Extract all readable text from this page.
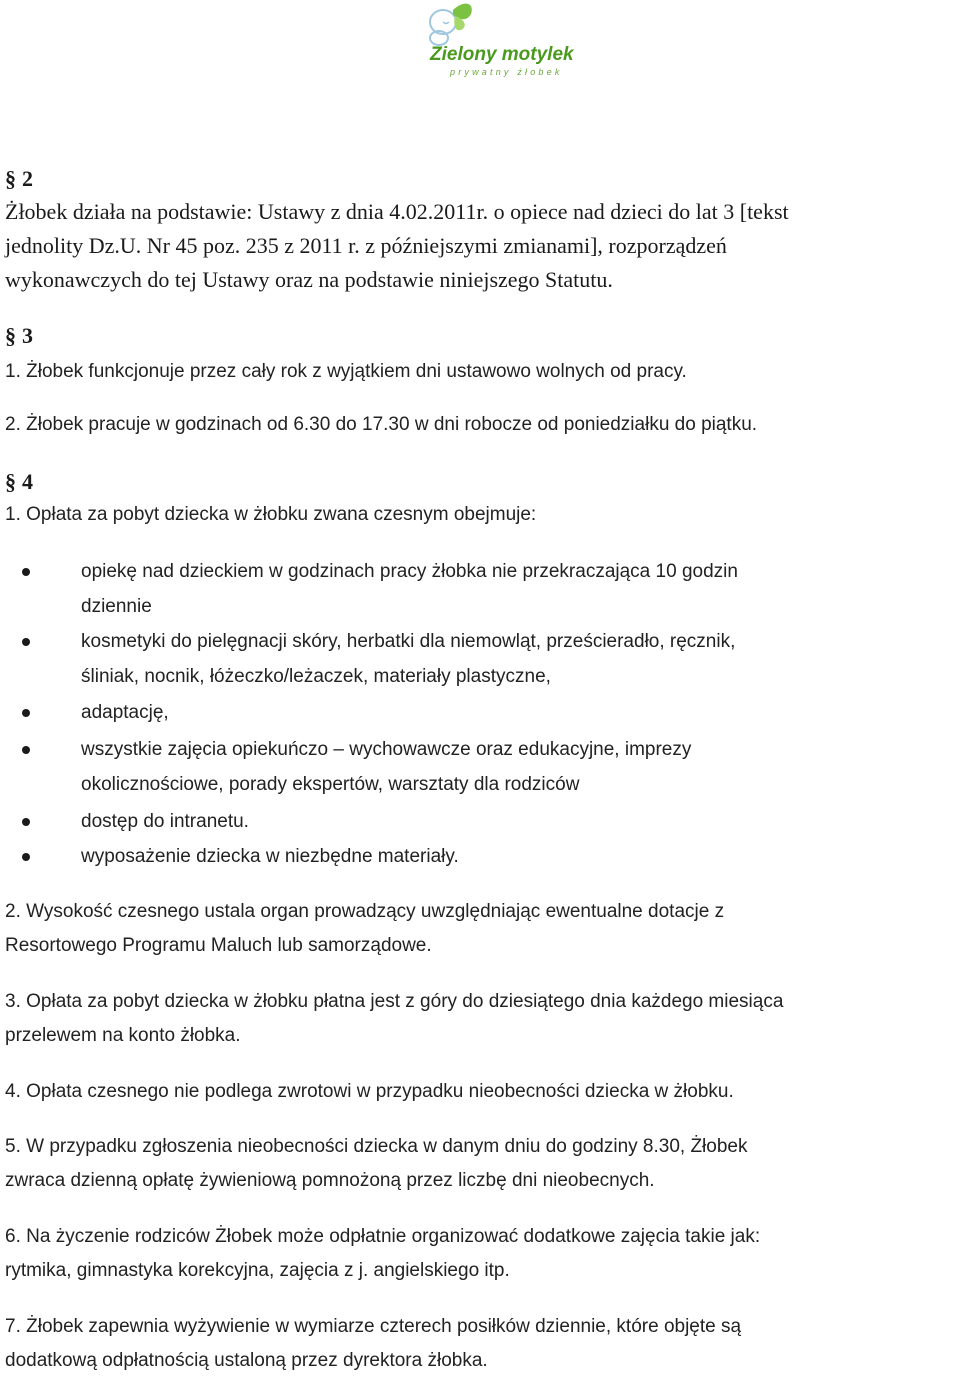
Zielony motylek
prywatny żłobek
§ 2
Żłobek działa na podstawie: Ustawy z dnia 4.02.2011r. o opiece nad dzieci do lat 3 [tekst
jednolity Dz.U. Nr 45 poz. 235 z 2011 r. z późniejszymi zmianami], rozporządzeń
wykonawczych do tej Ustawy oraz na podstawie niniejszego Statutu.
§ 3
1. Żłobek funkcjonuje przez cały rok z wyjątkiem dni ustawowo wolnych od pracy.
2. Żłobek pracuje w godzinach od 6.30 do 17.30 w dni robocze od poniedziałku do piątku.
§ 4
1. Opłata za pobyt dziecka w żłobku zwana czesnym obejmuje:
opiekę nad dzieckiem w godzinach pracy żłobka nie przekraczająca 10 godzin
dziennie
kosmetyki do pielęgnacji skóry, herbatki dla niemowląt, prześcieradło, ręcznik,
śliniak, nocnik, łóżeczko/leżaczek, materiały plastyczne,
adaptację,
wszystkie zajęcia opiekuńczo – wychowawcze oraz edukacyjne, imprezy
okolicznościowe, porady ekspertów, warsztaty dla rodziców
dostęp do intranetu.
wyposażenie dziecka w niezbędne materiały.
2. Wysokość czesnego ustala organ prowadzący uwzględniając ewentualne dotacje z
Resortowego Programu Maluch lub samorządowe.
3. Opłata za pobyt dziecka w żłobku płatna jest z góry do dziesiątego dnia każdego miesiąca
przelewem na konto żłobka.
4. Opłata czesnego nie podlega zwrotowi w przypadku nieobecności dziecka w żłobku.
5. W przypadku zgłoszenia nieobecności dziecka w danym dniu do godziny 8.30, Żłobek
zwraca dzienną opłatę żywieniową pomnożoną przez liczbę dni nieobecnych.
6. Na życzenie rodziców Żłobek może odpłatnie organizować dodatkowe zajęcia takie jak:
rytmika, gimnastyka korekcyjna, zajęcia z j. angielskiego itp.
7. Żłobek zapewnia wyżywienie w wymiarze czterech posiłków dziennie, które objęte są
dodatkową odpłatnością ustaloną przez dyrektora żłobka.
